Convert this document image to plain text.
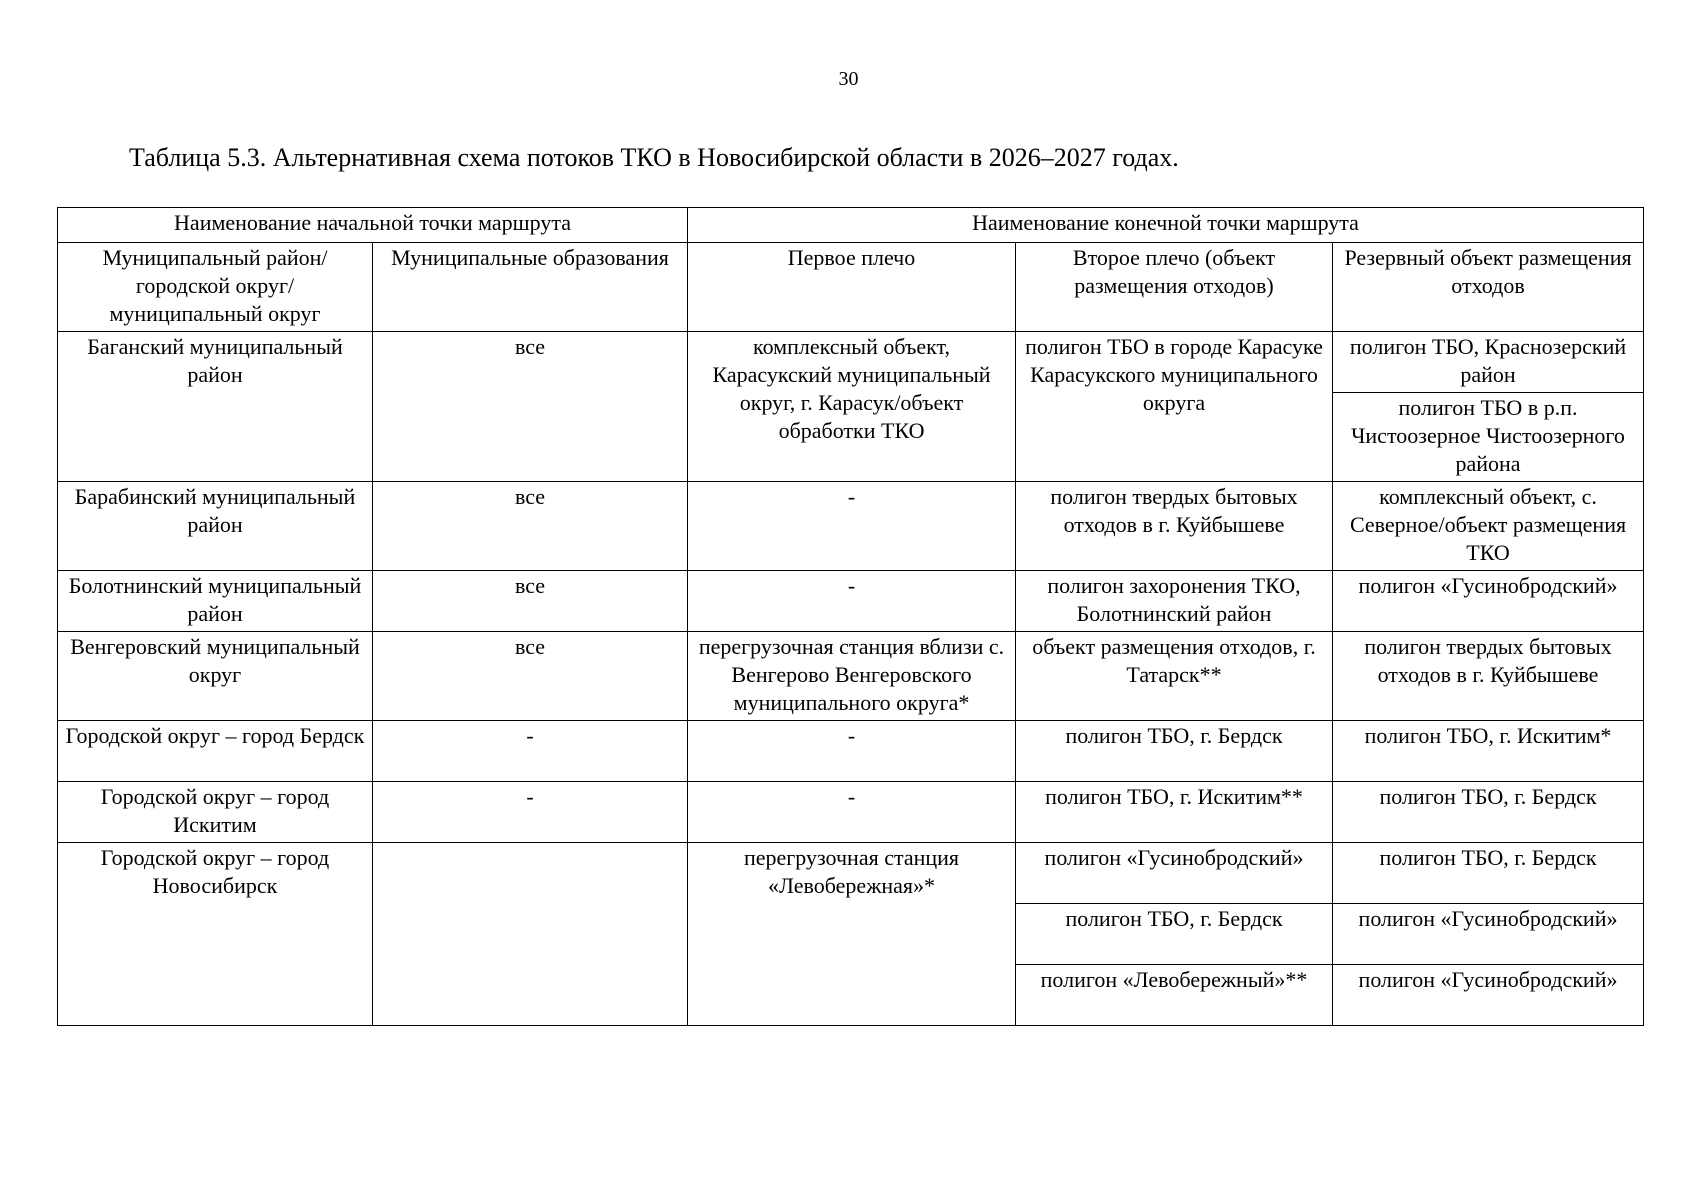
30
Таблица 5.3. Альтернативная схема потоков ТКО в Новосибирской области в 2026–2027 годах.
Наименование начальной точки маршрута		Наименование конечной точки маршрута		
Муниципальный район/ городской округ/ муниципальный округ	Муниципальные образования	Первое плечо	Второе плечо (объект размещения отходов)	Резервный объект размещения отходов
Баганский муниципальный район	все	комплексный объект, Карасукский муниципальный округ, г. Карасук/объект обработки ТКО	полигон ТБО в городе Карасуке Карасукского муниципального округа	полигон ТБО, Краснозерский район
				полигон ТБО в р.п. Чистоозерное Чистоозерного района
Барабинский муниципальный район	все	-	полигон твердых бытовых отходов в г. Куйбышеве	комплексный объект, с. Северное/объект размещения ТКО
Болотнинский муниципальный район	все	-	полигон захоронения ТКО, Болотнинский район	полигон «Гусинобродский»
Венгеровский муниципальный округ	все	перегрузочная станция вблизи с. Венгерово Венгеровского муниципального округа*	объект размещения отходов, г. Татарск**	полигон твердых бытовых отходов в г. Куйбышеве
Городской округ – город Бердск	-	-	полигон ТБО, г. Бердск	полигон ТБО, г. Искитим*
Городской округ – город Искитим	-	-	полигон ТБО, г. Искитим**	полигон ТБО, г. Бердск
Городской округ – город Новосибирск		перегрузочная станция «Левобережная»*	полигон «Гусинобродский»	полигон ТБО, г. Бердск
			полигон ТБО, г. Бердск	полигон «Гусинобродский»
			полигон «Левобережный»**	полигон «Гусинобродский»
